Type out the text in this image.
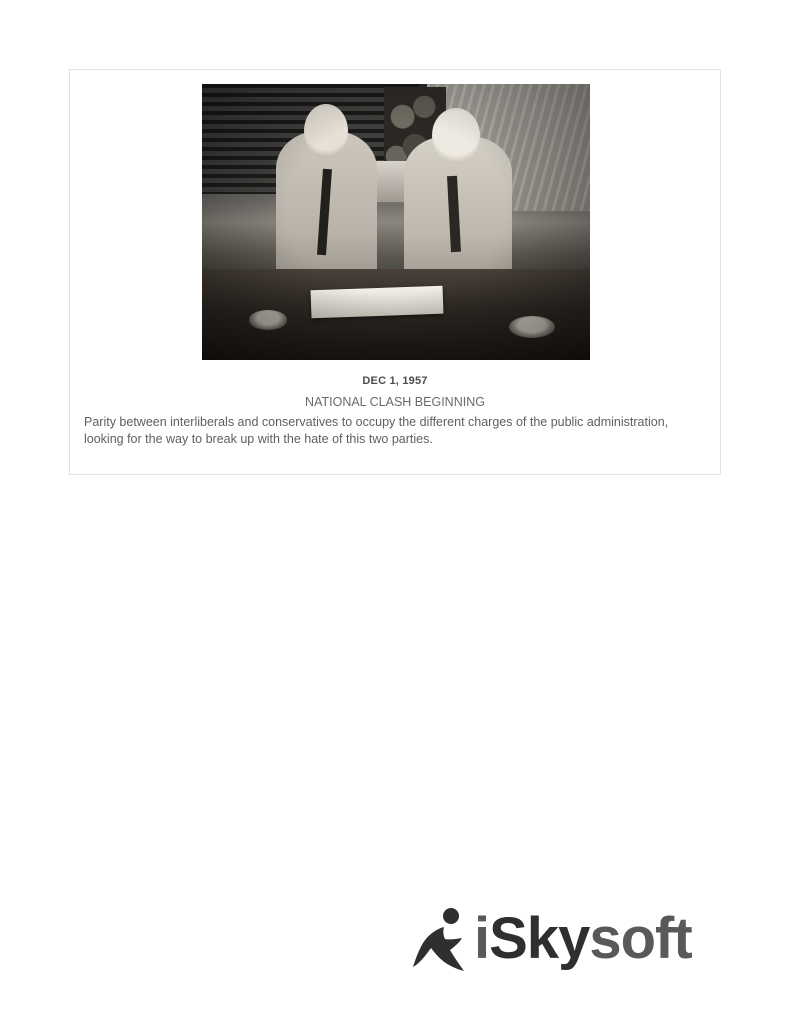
DEC 1, 1957
NATIONAL CLASH BEGINNING
Parity between interliberals and conservatives to occupy the different charges of the public administration, looking for the way to break up with the hate of this two parties.
iSkysoft
